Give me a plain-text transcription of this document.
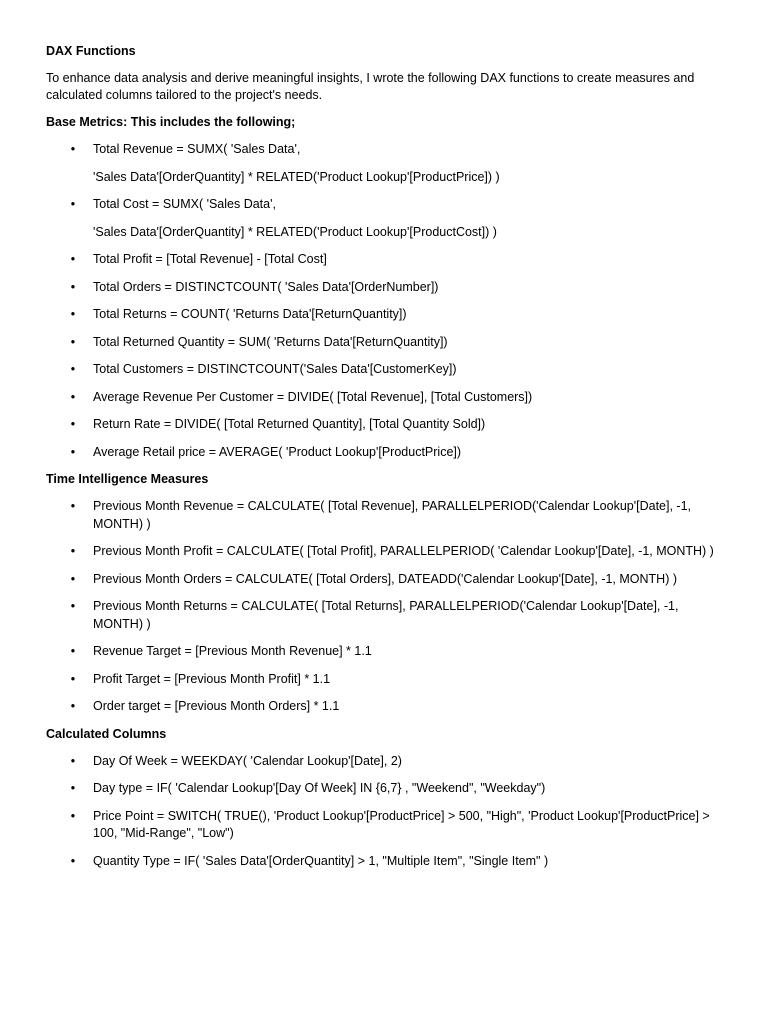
DAX Functions
To enhance data analysis and derive meaningful insights, I wrote the following DAX functions to create measures and calculated columns tailored to the project's needs.
Base Metrics: This includes the following;
• Total Revenue = SUMX( 'Sales Data',
'Sales Data'[OrderQuantity] * RELATED('Product Lookup'[ProductPrice]) )
• Total Cost = SUMX( 'Sales Data',
'Sales Data'[OrderQuantity] * RELATED('Product Lookup'[ProductCost]) )
• Total Profit = [Total Revenue] - [Total Cost]
• Total Orders = DISTINCTCOUNT( 'Sales Data'[OrderNumber])
• Total Returns = COUNT( 'Returns Data'[ReturnQuantity])
• Total Returned Quantity = SUM( 'Returns Data'[ReturnQuantity])
• Total Customers = DISTINCTCOUNT('Sales Data'[CustomerKey])
• Average Revenue Per Customer = DIVIDE( [Total Revenue], [Total Customers])
• Return Rate = DIVIDE( [Total Returned Quantity], [Total Quantity Sold])
• Average Retail price = AVERAGE( 'Product Lookup'[ProductPrice])
Time Intelligence Measures
• Previous Month Revenue = CALCULATE( [Total Revenue], PARALLELPERIOD('Calendar Lookup'[Date], -1, MONTH) )
• Previous Month Profit = CALCULATE( [Total Profit], PARALLELPERIOD( 'Calendar Lookup'[Date], -1, MONTH) )
• Previous Month Orders = CALCULATE( [Total Orders], DATEADD('Calendar Lookup'[Date], -1, MONTH) )
• Previous Month Returns = CALCULATE( [Total Returns], PARALLELPERIOD('Calendar Lookup'[Date], -1, MONTH) )
• Revenue Target = [Previous Month Revenue] * 1.1
• Profit Target = [Previous Month Profit] * 1.1
• Order target = [Previous Month Orders] * 1.1
Calculated Columns
• Day Of Week = WEEKDAY( 'Calendar Lookup'[Date], 2)
• Day type = IF( 'Calendar Lookup'[Day Of Week] IN {6,7} , "Weekend", "Weekday")
• Price Point = SWITCH( TRUE(), 'Product Lookup'[ProductPrice] > 500, "High", 'Product Lookup'[ProductPrice] > 100, "Mid-Range", "Low")
• Quantity Type = IF( 'Sales Data'[OrderQuantity] > 1, "Multiple Item", "Single Item" )
